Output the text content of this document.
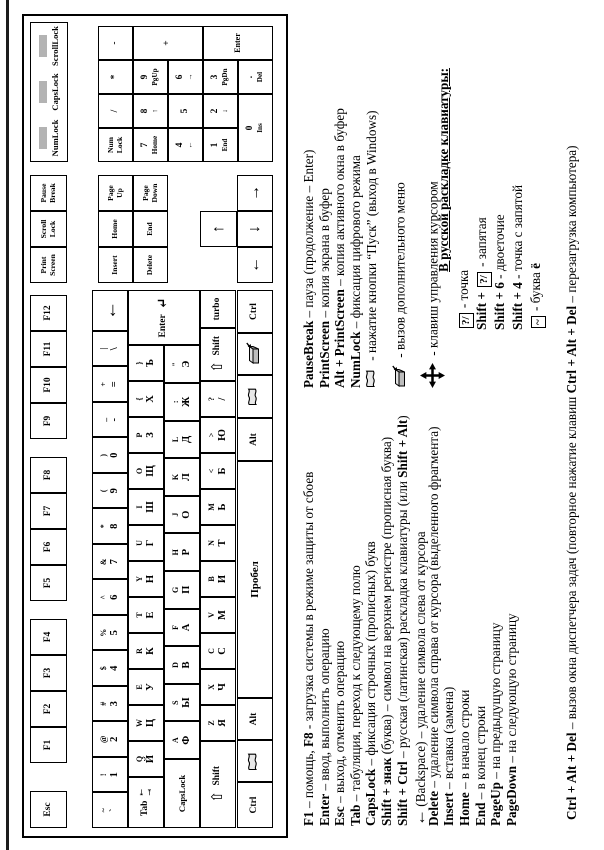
Esc
F1
F2
F3
F4
F5
F6
F7
F8
F9
F10
F11
F12
Print Screen
Scroll Lock
Pause Break
~ `
! 1
@ 2
# 3
$ 4
% 5
^ 6
& 7
* 8
( 9
) 0
_ -
+ =
| \
←
Tab
⇤
⇥
Q Й
W Ц
E У
R К
T Е
Y Н
U Г
I Ш
O Щ
P З
{ Х
} Ъ
Enter
↵
CapsLock
A Ф
S Ы
D В
F А
G П
H Р
J О
K Л
L Д
: Ж
" Э
⇧
Shift
Z Я
X Ч
C С
V М
B И
N Т
M Ь
< Б
> Ю
? /
⇧
Shift
turbo
Ctrl
Alt
Пробел
Alt
Ctrl
Insert
Home
Page Up
Delete
End
Page Down
↑
←
↓
→
Num Lock
/
*
-
7 Home
8 ↑
9 PgUp
+
4 ←
5
6 →
1 End
2 ↓
3 PgDn
Enter
0 Ins
. Del
NumLock
CapsLock
ScrollLock
F1 – помощь, F8 - загрузка системы в режиме защиты от сбоев
Enter – ввод, выполнить операцию
Esc – выход, отменить операцию
Tab – табуляция, переход к следующему полю CapsLock – фиксация строчных (прописных) букв
Shift + знак (буква) – символ на верхнем регистре (прописная буква)
Shift + Ctrl – русская (латинская) раскладка клавиатуры (или Shift + Alt)
← (Backspace) – удаление символа слева от курсора
Delete – удаление символа справа от курсора (выделенного фрагмента)
Insert – вставка (замена)
Home – в начало строки
End – в конец строки
PageUp – на предыдущую страницу
PageDown – на следующую страницу
PauseBreak – пауза (продолжение – Enter)
PrintScreen – копия экрана в буфер
Alt + PrintScreen – копия активного окна в буфер
NumLock – фиксация цифрового режима - нажатие кнопки “Пуск” (выход в Windows) - вызов дополнительного меню	- клавиш управления курсором
В русской раскладке клавиатуры:
?/ - точка Shift + ?/ - запятая
Shift + 6 - двоеточие
Shift + 4 - точка с запятой
~ - буква ё
Ctrl + Alt + Del – вызов окна диспетчера задач (повторное нажатие клавиш Ctrl + Alt + Del – перезагрузка компьютера)
